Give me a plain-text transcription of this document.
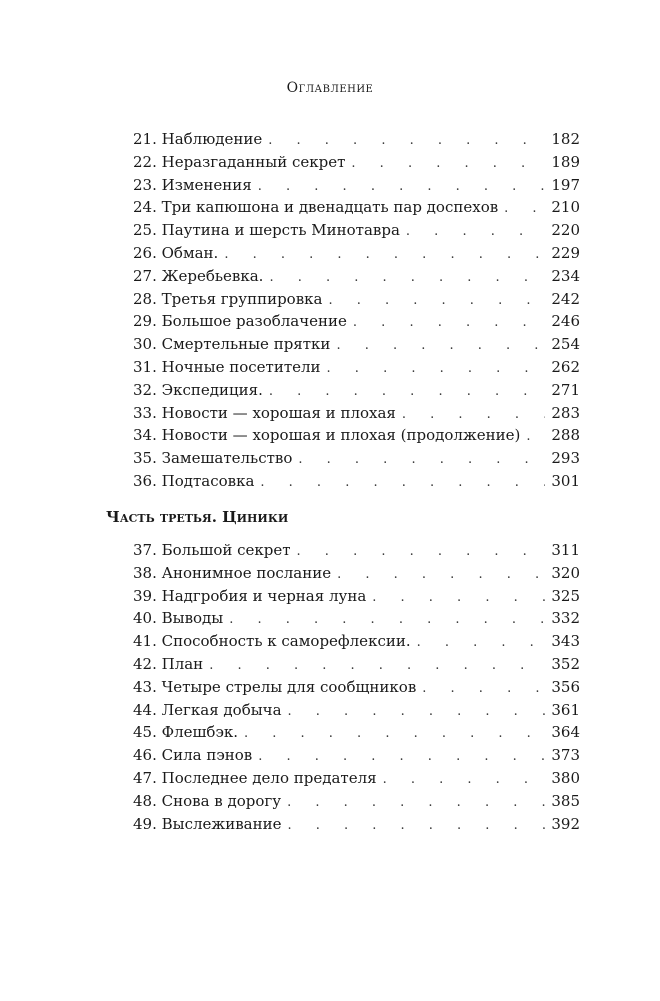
Оглавление
21. Наблюдение . . .	182
22. Неразгаданный секрет . . .	189
23. Изменения . . .	197
24. Три капюшона и двенадцать пар доспехов . . .	210
25. Паутина и шерсть Минотавра . . .	220
26. Обман. . . .	229
27. Жеребьевка. . . .	234
28. Третья группировка . . .	242
29. Большое разоблачение . . .	246
30. Смертельные прятки . . .	254
31. Ночные посетители . . .	262
32. Экспедиция. . . .	271
33. Новости — хорошая и плохая . . .	283
34. Новости — хорошая и плохая (продолжение) . . . 288
35. Замешательство . . .	293
36. Подтасовка . . .	301
Часть третья. Циники
37. Большой секрет . . .	311
38. Анонимное послание . . .	320
39. Надгробия и черная луна . . .	325
40. Выводы . . .	332
41. Способность к саморефлексии. . . .	343
42. План . . .	352
43. Четыре стрелы для сообщников . . .	356
44. Легкая добыча . . .	361
45. Флешбэк. . . .	364
46. Сила пэнов . . .	373
47. Последнее дело предателя . . .	380
48. Снова в дорогу . . .	385
49. Выслеживание . . .	392
